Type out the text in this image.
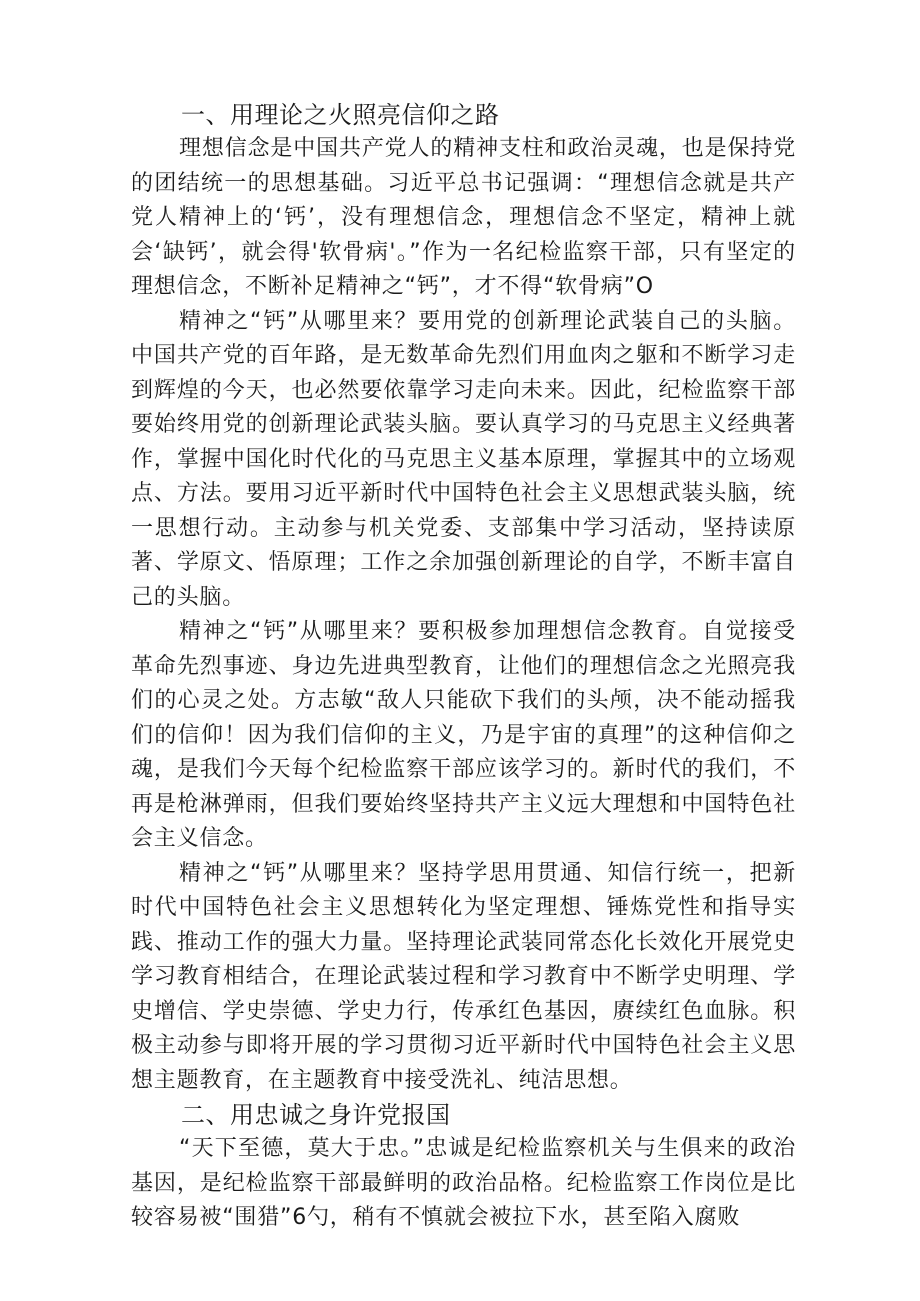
一、用理论之火照亮信仰之路

理想信念是中国共产党人的精神支柱和政治灵魂，也是保持党的团结统一的思想基础。习近平总书记强调：“理想信念就是共产党人精神上的‘钙’，没有理想信念，理想信念不坚定，精神上就会‘缺钙’，就会得'软骨病'。”作为一名纪检监察干部，只有坚定的理想信念，不断补足精神之“钙”，才不得“软骨病”O

精神之“钙”从哪里来？要用党的创新理论武装自己的头脑。中国共产党的百年路，是无数革命先烈们用血肉之躯和不断学习走到辉煌的今天，也必然要依靠学习走向未来。因此，纪检监察干部要始终用党的创新理论武装头脑。要认真学习的马克思主义经典著作，掌握中国化时代化的马克思主义基本原理，掌握其中的立场观点、方法。要用习近平新时代中国特色社会主义思想武装头脑，统一思想行动。主动参与机关党委、支部集中学习活动，坚持读原著、学原文、悟原理；工作之余加强创新理论的自学，不断丰富自己的头脑。

精神之“钙”从哪里来？要积极参加理想信念教育。自觉接受革命先烈事迹、身边先进典型教育，让他们的理想信念之光照亮我们的心灵之处。方志敏“敌人只能砍下我们的头颅，决不能动摇我们的信仰！因为我们信仰的主义，乃是宇宙的真理”的这种信仰之魂，是我们今天每个纪检监察干部应该学习的。新时代的我们，不再是枪淋弹雨，但我们要始终坚持共产主义远大理想和中国特色社会主义信念。

精神之“钙”从哪里来？坚持学思用贯通、知信行统一，把新时代中国特色社会主义思想转化为坚定理想、锤炼党性和指导实践、推动工作的强大力量。坚持理论武装同常态化长效化开展党史学习教育相结合，在理论武装过程和学习教育中不断学史明理、学史增信、学史崇德、学史力行，传承红色基因，赓续红色血脉。积极主动参与即将开展的学习贯彻习近平新时代中国特色社会主义思想主题教育，在主题教育中接受洗礼、纯洁思想。

二、用忠诚之身许党报国

“天下至德，莫大于忠。”忠诚是纪检监察机关与生俱来的政治基因，是纪检监察干部最鲜明的政治品格。纪检监察工作岗位是比较容易被“围猎”6勺，稍有不慎就会被拉下水，甚至陷入腐败
